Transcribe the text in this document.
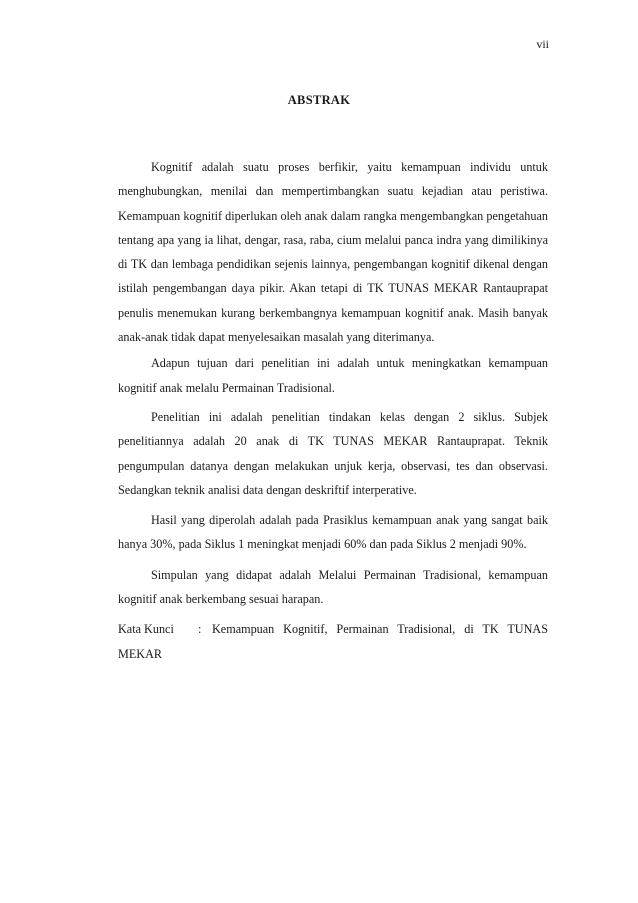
vii
ABSTRAK

Kognitif adalah suatu proses berfikir, yaitu kemampuan individu untuk menghubungkan, menilai dan mempertimbangkan suatu kejadian atau peristiwa. Kemampuan kognitif diperlukan oleh anak dalam rangka mengembangkan pengetahuan tentang apa yang ia lihat, dengar, rasa, raba, cium melalui panca indra yang dimilikinya di TK dan lembaga pendidikan sejenis lainnya, pengembangan kognitif dikenal dengan istilah pengembangan daya pikir. Akan tetapi di TK TUNAS MEKAR Rantauprapat penulis menemukan kurang berkembangnya kemampuan kognitif anak. Masih banyak anak-anak tidak dapat menyelesaikan masalah yang diterimanya.

Adapun tujuan dari penelitian ini adalah untuk meningkatkan kemampuan kognitif anak melalu Permainan Tradisional.

Penelitian ini adalah penelitian tindakan kelas dengan 2 siklus. Subjek penelitiannya adalah 20 anak di TK TUNAS MEKAR Rantauprapat. Teknik pengumpulan datanya dengan melakukan unjuk kerja, observasi, tes dan observasi. Sedangkan teknik analisi data dengan deskriftif interperative.

Hasil yang diperolah adalah pada Prasiklus kemampuan anak yang sangat baik hanya 30%, pada Siklus 1 meningkat menjadi 60% dan pada Siklus 2 menjadi 90%.

Simpulan yang didapat adalah Melalui Permainan Tradisional, kemampuan kognitif anak berkembang sesuai harapan.

Kata Kunci	: Kemampuan Kognitif, Permainan Tradisional, di TK TUNAS

MEKAR
